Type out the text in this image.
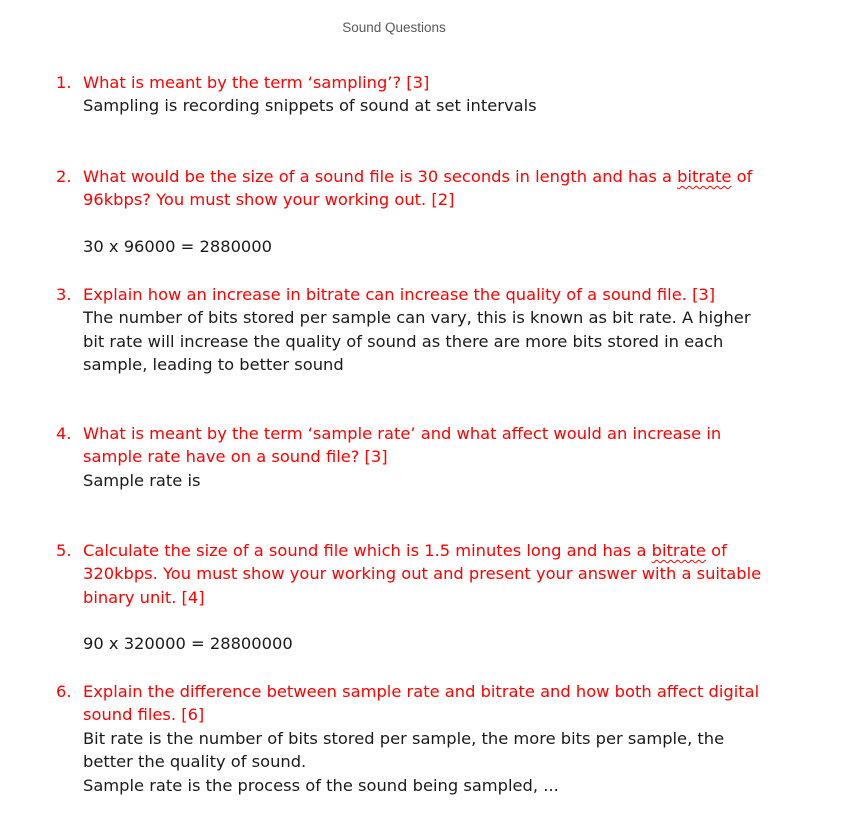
Sound Questions
1. What is meant by the term ‘sampling’? [3]
Sampling is recording snippets of sound at set intervals
2. What would be the size of a sound file is 30 seconds in length and has a bitrate of 96kbps? You must show your working out. [2]
30 x 96000 = 2880000
3. Explain how an increase in bitrate can increase the quality of a sound file. [3]
The number of bits stored per sample can vary, this is known as bit rate. A higher bit rate will increase the quality of sound as there are more bits stored in each sample, leading to better sound
4. What is meant by the term ‘sample rate’ and what affect would an increase in sample rate have on a sound file? [3]
Sample rate is
5. Calculate the size of a sound file which is 1.5 minutes long and has a bitrate of 320kbps. You must show your working out and present your answer with a suitable binary unit. [4]
90 x 320000 = 28800000
6. Explain the difference between sample rate and bitrate and how both affect digital sound files. [6]
Bit rate is the number of bits stored per sample, the more bits per sample, the better the quality of sound.
Sample rate is the process of the sound being sampled, ...
